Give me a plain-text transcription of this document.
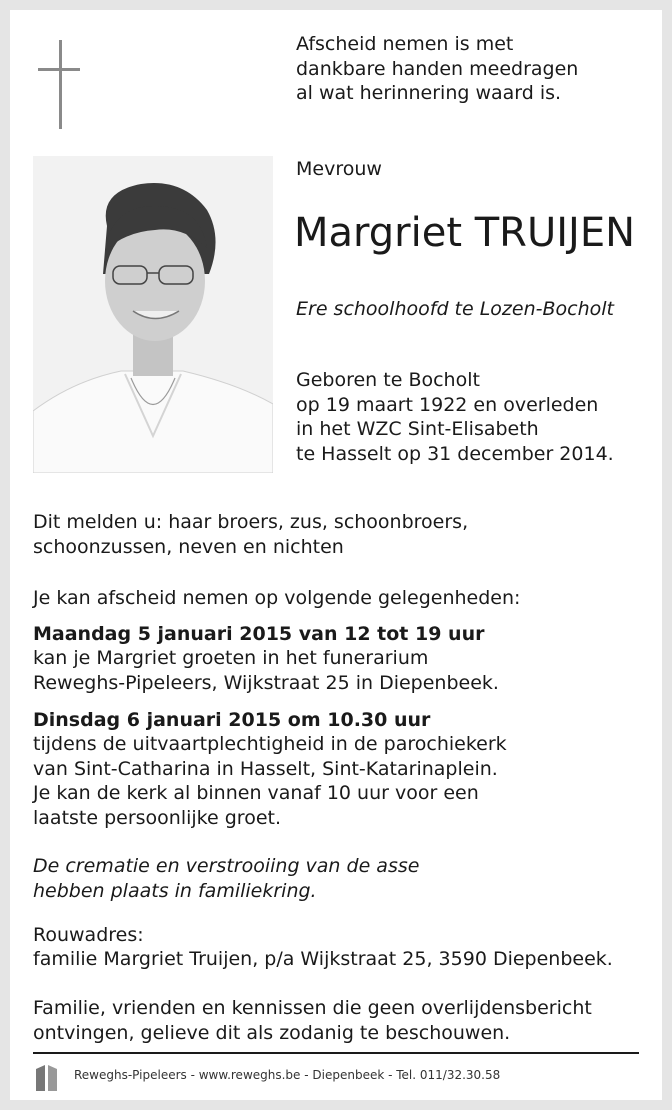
Afscheid nemen is met
dankbare handen meedragen
al wat herinnering waard is.
Mevrouw
Margriet TRUIJEN
Ere schoolhoofd te Lozen-Bocholt
Geboren te Bocholt
op 19 maart 1922 en overleden
in het WZC Sint-Elisabeth
te Hasselt op 31 december 2014.
Dit melden u: haar broers, zus, schoonbroers,
schoonzussen, neven en nichten
Je kan afscheid nemen op volgende gelegenheden:
Maandag 5 januari 2015 van 12 tot 19 uur
kan je Margriet groeten in het funerarium
Reweghs-Pipeleers, Wijkstraat 25 in Diepenbeek.
Dinsdag 6 januari 2015 om 10.30 uur
tijdens de uitvaartplechtigheid in de parochiekerk
van Sint-Catharina in Hasselt, Sint-Katarinaplein.
Je kan de kerk al binnen vanaf 10 uur voor een
laatste persoonlijke groet.
De crematie en verstrooiing van de asse
hebben plaats in familiekring.
Rouwadres:
familie Margriet Truijen, p/a Wijkstraat 25, 3590 Diepenbeek.
Familie, vrienden en kennissen die geen overlijdensbericht
ontvingen, gelieve dit als zodanig te beschouwen.
Reweghs-Pipeleers - www.reweghs.be - Diepenbeek - Tel. 011/32.30.58
